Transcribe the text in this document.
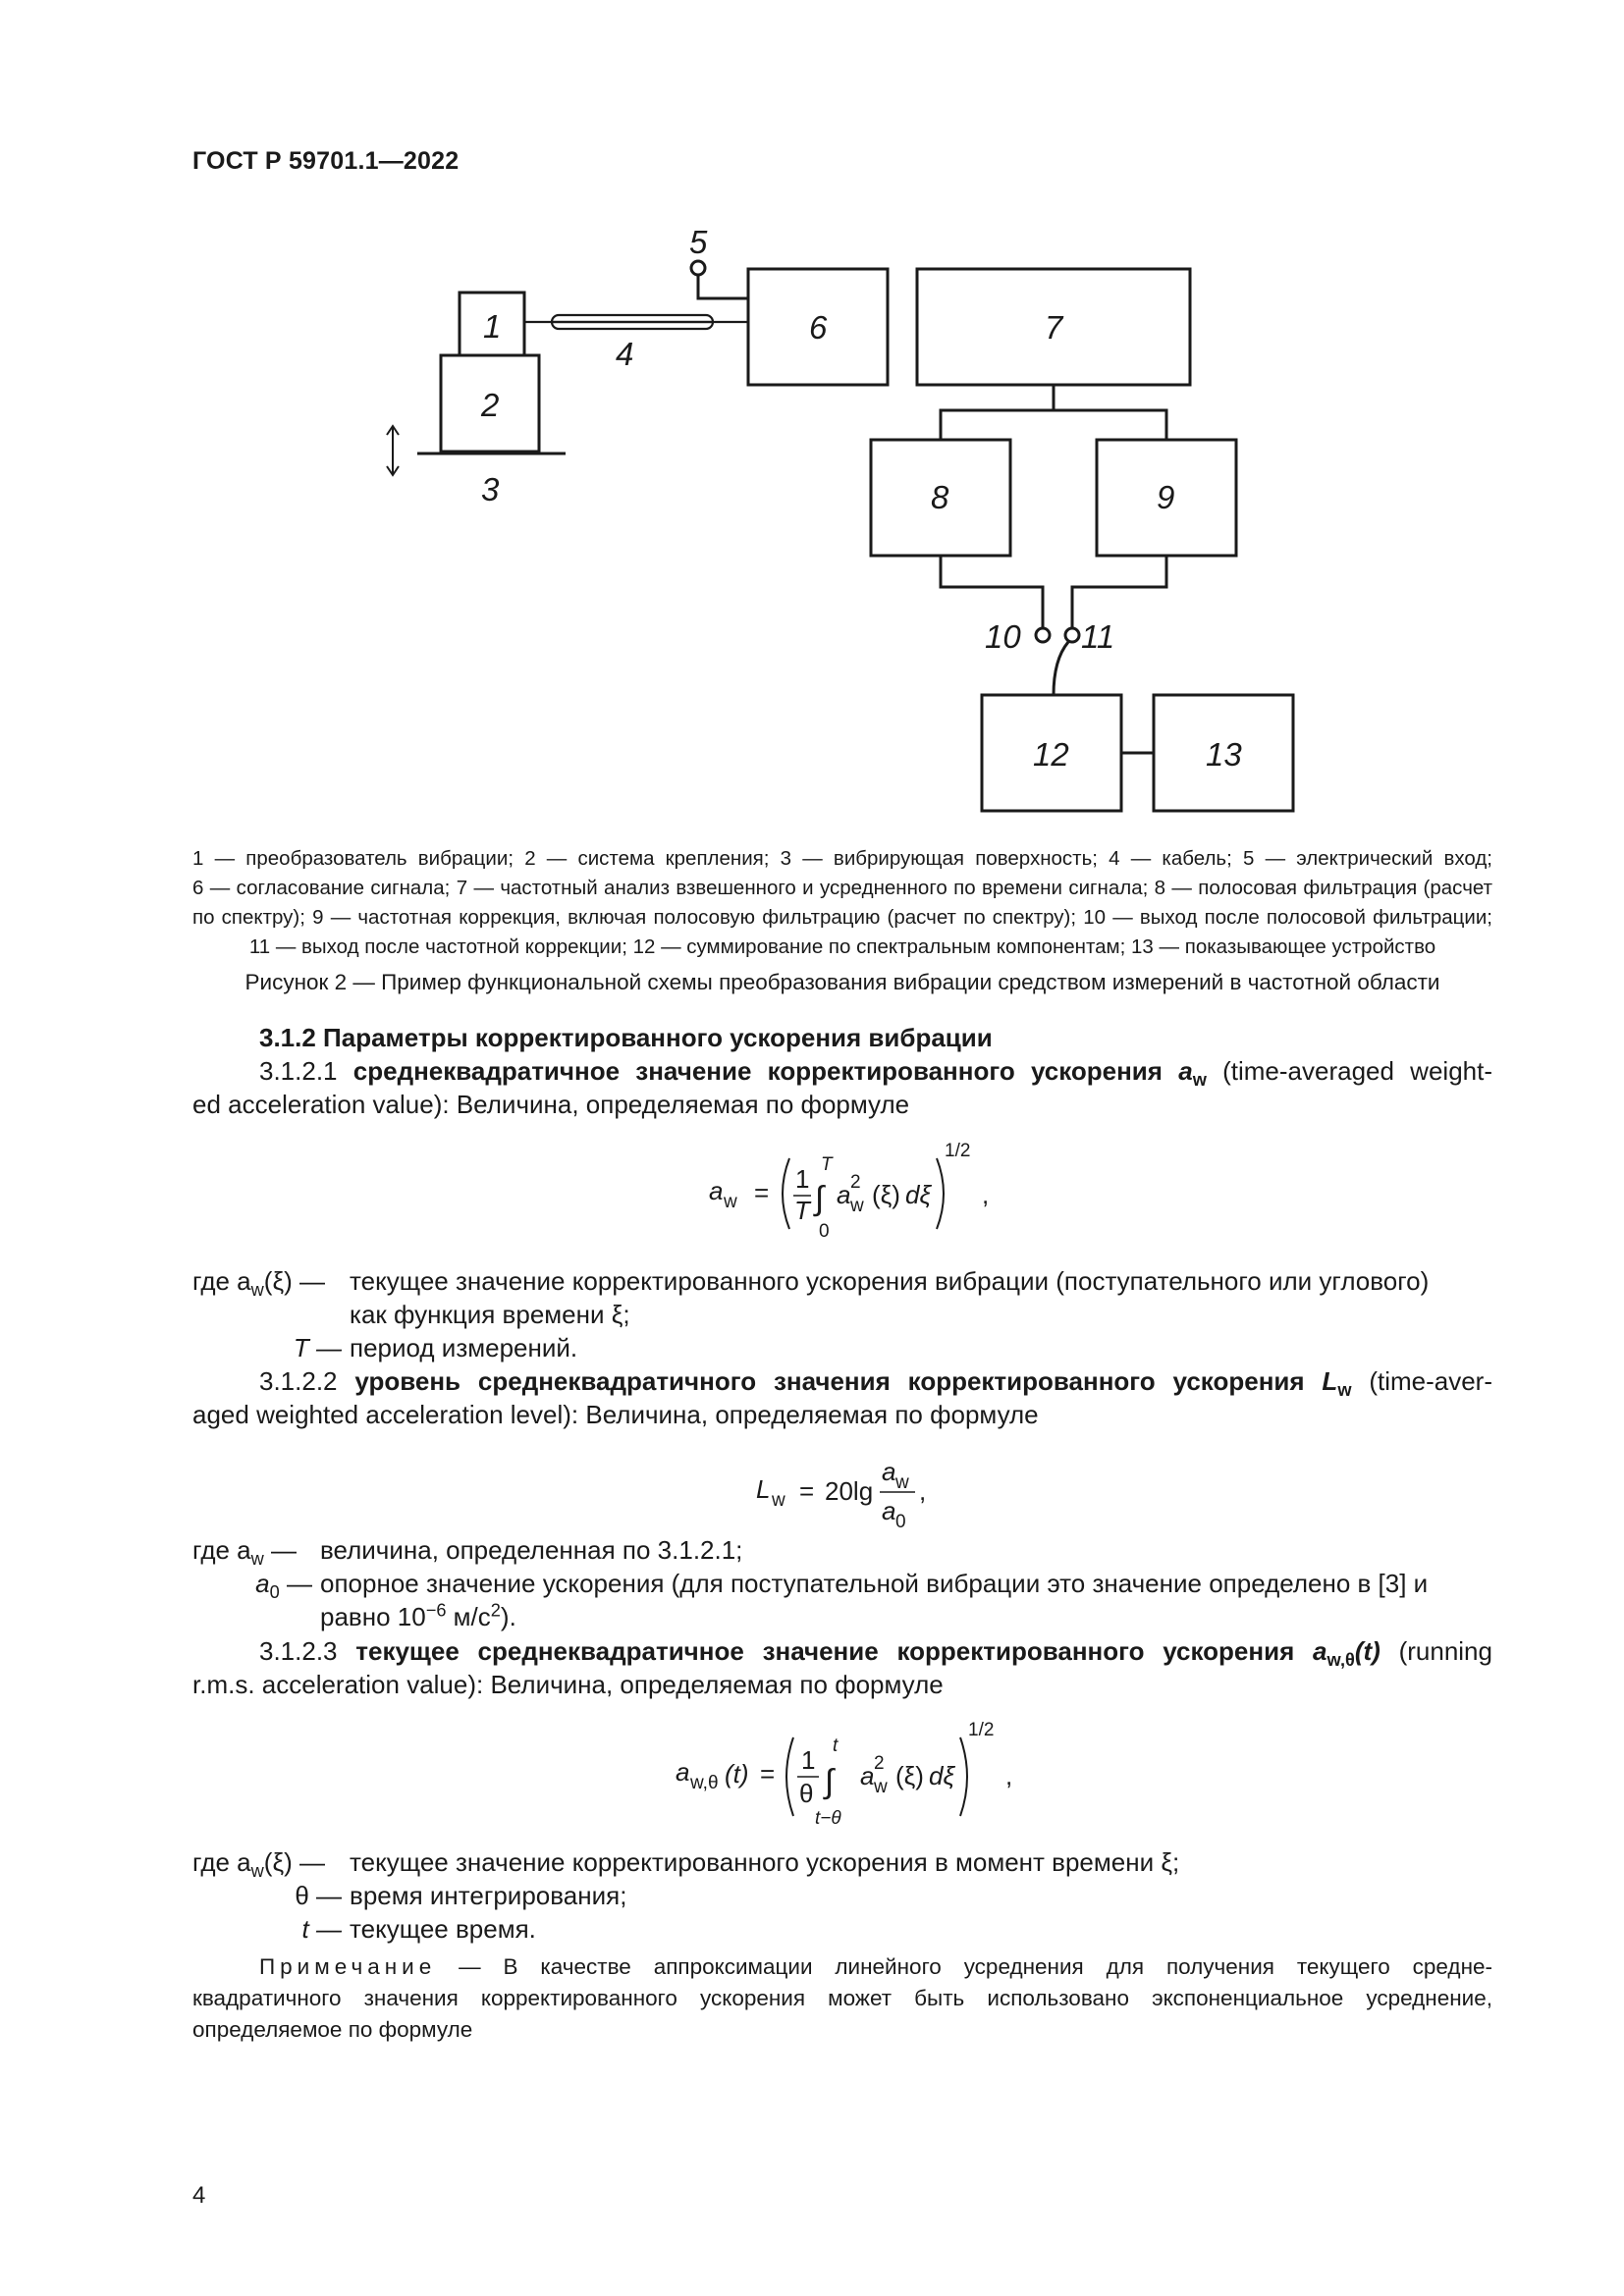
ГОСТ Р 59701.1—2022
1
2
3
4
5
6	7
8	9
10 11
12	13
1 — преобразователь вибрации; 2 — система крепления; 3 — вибрирующая поверхность; 4 — кабель; 5 — электрический вход;
6 — согласование сигнала; 7 — частотный анализ взвешенного и усредненного по времени сигнала; 8 — полосовая фильтрация (расчет
по спектру); 9 — частотная коррекция, включая полосовую фильтрацию (расчет по спектру); 10 — выход после полосовой фильтрации;
11 — выход после частотной коррекции; 12 — суммирование по спектральным компонентам; 13 — показывающее устройство
Рисунок 2 — Пример функциональной схемы преобразования вибрации средством измерений в частотной области
3.1.2 Параметры корректированного ускорения вибрации
3.1.2.1 среднеквадратичное значение корректированного ускорения $a_w$ (time-averaged weight-
ed acceleration value): Величина, определяемая по формуле
a w = 1
T ∫
T
0
a 2
w (ξ) dξ
1/2
,
где $a_w(\xi)$ — текущее значение корректированного ускорения вибрации (поступательного или углового)
как функция времени ξ;
T — период измерений.
3.1.2.2 уровень среднеквадратичного значения корректированного ускорения $L_w$ (time-aver-
aged weighted acceleration level): Величина, определяемая по формуле
L w = 20lg
a w
a 0
,
где $a_w$ — величина, определенная по 3.1.2.1;
$a_0$ — опорное значение ускорения (для поступательной вибрации это значение определено в [3] и
равно $10^{-6}$ $м/с^2$).
3.1.2.3 текущее среднеквадратичное значение корректированного ускорения $a_{w,\theta}(t)$ (running
r.m.s. acceleration value): Величина, определяемая по формуле
a w,θ (t) = 1
θ ∫
t
t−θ
a 2
w (ξ) dξ
1/2
,
где $a_w(\xi)$ — текущее значение корректированного ускорения в момент времени ξ;
θ — время интегрирования;
t — текущее время.
Примечание — В качестве аппроксимации линейного усреднения для получения текущего средне-
квадратичного значения корректированного ускорения может быть использовано экспоненциальное усреднение,
определяемое по формуле
4
